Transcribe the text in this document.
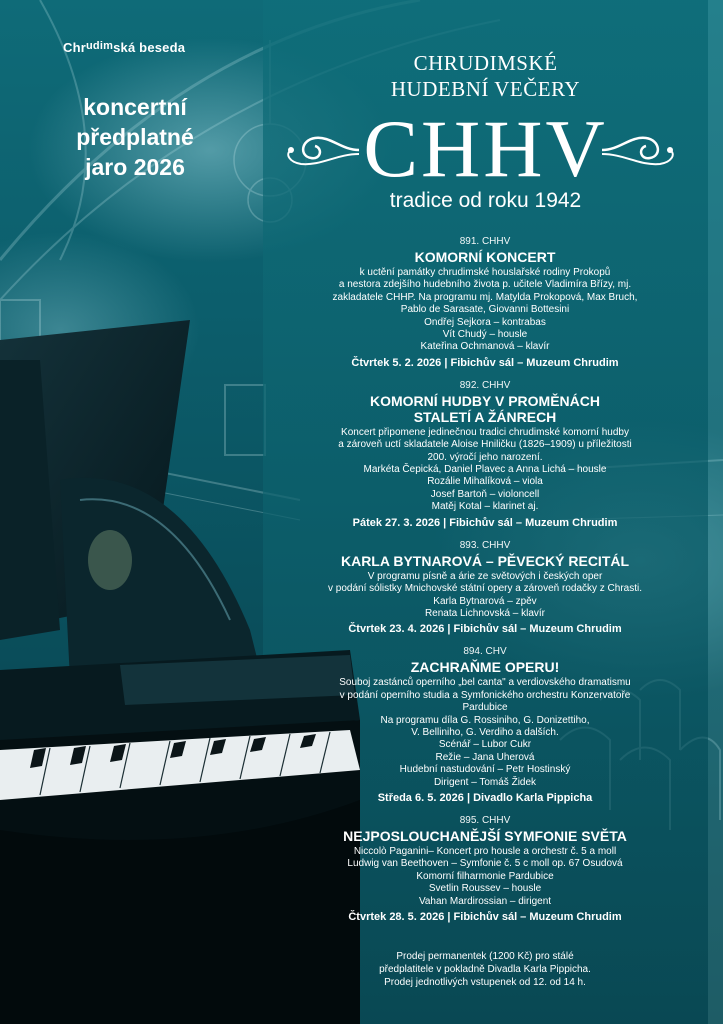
Chr$^{udim}$ská beseda
koncertní
předplatné
jaro 2026
CHRUDIMSKÉ
HUDEBNÍ VEČERY
CHHV
tradice od roku 1942
891. CHHV
KOMORNÍ KONCERT
k uctění památky chrudimské houslařské rodiny Prokopů
a nestora zdejšího hudebního života p. učitele Vladimíra Břízy, mj.
zakladatele CHHP. Na programu mj. Matylda Prokopová, Max Bruch,
Pablo de Sarasate, Giovanni Bottesini
Ondřej Sejkora – kontrabas
Vít Chudý – housle
Kateřina Ochmanová – klavír
Čtvrtek 5. 2. 2026 | Fibichův sál – Muzeum Chrudim
892. CHHV
KOMORNÍ HUDBY V PROMĚNÁCH
STALETÍ A ŽÁNRECH
Koncert připomene jedinečnou tradici chrudimské komorní hudby
a zároveň uctí skladatele Aloise Hniličku (1826–1909) u příležitosti
200. výročí jeho narození.
Markéta Čepická, Daniel Plavec a Anna Lichá – housle
Rozálie Mihalíková – viola
Josef Bartoň – violoncell
Matěj Kotal – klarinet aj.
Pátek 27. 3. 2026 | Fibichův sál – Muzeum Chrudim
893. CHHV
KARLA BYTNAROVÁ – PĚVECKÝ RECITÁL
V programu písně a árie ze světových i českých oper
v podání sólistky Mnichovské státní opery a zároveň rodačky z Chrasti.
Karla Bytnarová – zpěv
Renata Lichnovská – klavír
Čtvrtek 23. 4. 2026 | Fibichův sál – Muzeum Chrudim
894. CHV
ZACHRAŇME OPERU!
Souboj zastánců operního „bel canta" a verdiovského dramatismu
v podání operního studia a Symfonického orchestru Konzervatoře
Pardubice
Na programu díla G. Rossiniho, G. Donizettiho,
V. Belliniho, G. Verdiho a dalších.
Scénář – Lubor Cukr
Režie – Jana Uherová
Hudební nastudování – Petr Hostinský
Dirigent – Tomáš Židek
Středa 6. 5. 2026 | Divadlo Karla Pippicha
895. CHHV
NEJPOSLOUCHANĚJŠÍ SYMFONIE SVĚTA
Niccolò Paganini– Koncert pro housle a orchestr č. 5 a moll
Ludwig van Beethoven – Symfonie č. 5 c moll op. 67 Osudová
Komorní filharmonie Pardubice
Svetlin Roussev – housle
Vahan Mardirossian – dirigent
Čtvrtek 28. 5. 2026 | Fibichův sál – Muzeum Chrudim
Prodej permanentek (1200 Kč) pro stálé
předplatitele v pokladně Divadla Karla Pippicha.
Prodej jednotlivých vstupenek od 12. od 14 h.
